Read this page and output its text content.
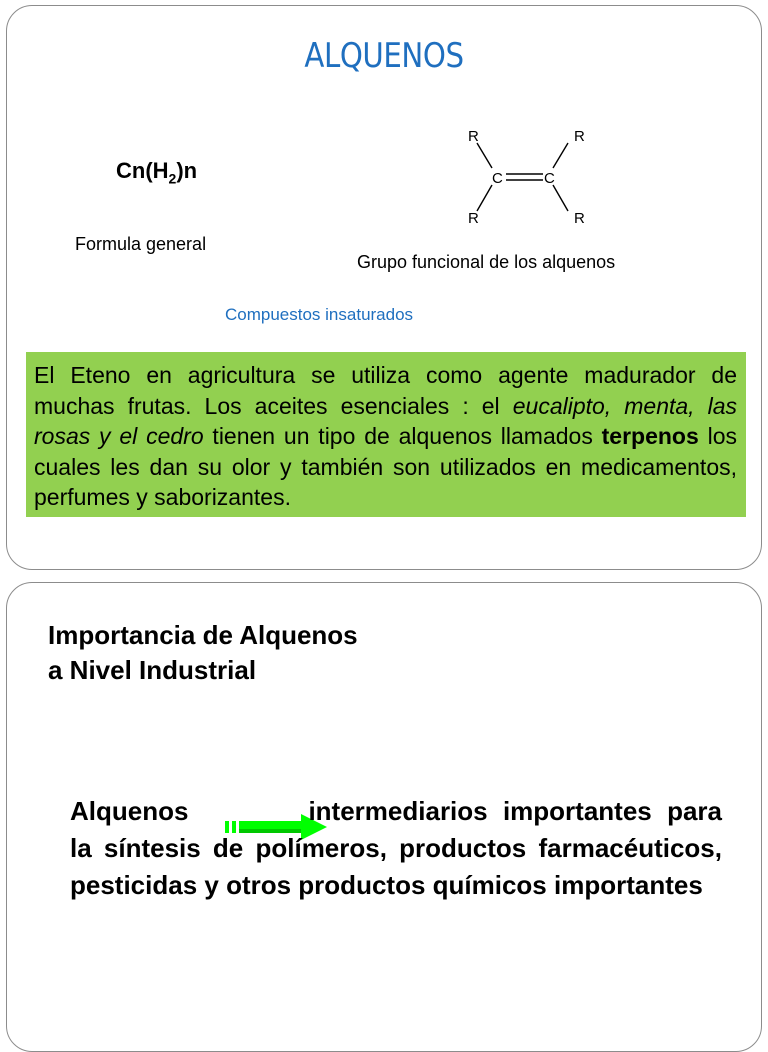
ALQUENOS
$Cn(H_2)n$
Formula general
R	R
R	R
C	C
Grupo funcional de los alquenos
Compuestos insaturados
El Eteno en agricultura se utiliza como agente madurador de muchas frutas. Los aceites esenciales : el eucalipto, menta, las rosas y el cedro tienen un tipo de alquenos llamados terpenos los cuales les dan su olor y también son utilizados en medicamentos, perfumes y saborizantes.
Importancia de Alquenos
a Nivel Industrial
Alquenos	intermediarios importantes para la síntesis de polímeros, productos farmacéuticos, pesticidas y otros productos químicos importantes
